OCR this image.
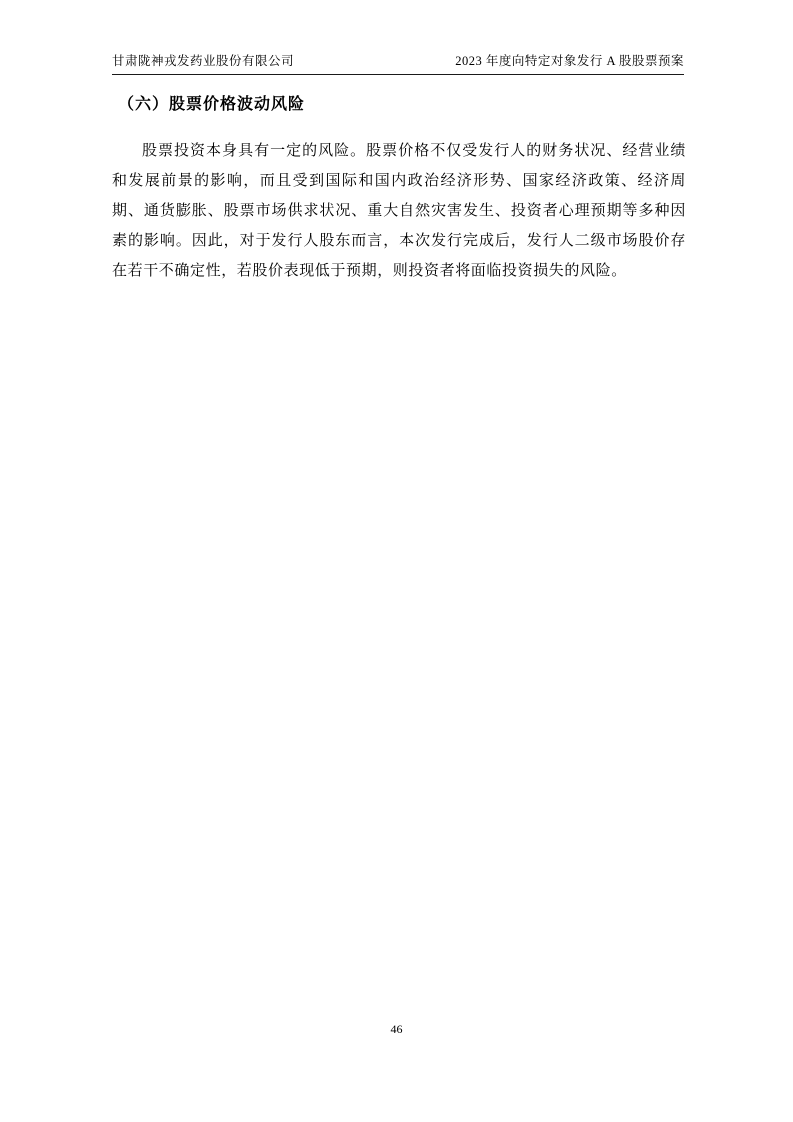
甘肃陇神戎发药业股份有限公司	2023 年度向特定对象发行 A 股股票预案
（六）股票价格波动风险
股票投资本身具有一定的风险。股票价格不仅受发行人的财务状况、经营业绩和发展前景的影响，而且受到国际和国内政治经济形势、国家经济政策、经济周期、通货膨胀、股票市场供求状况、重大自然灾害发生、投资者心理预期等多种因素的影响。因此，对于发行人股东而言，本次发行完成后，发行人二级市场股价存在若干不确定性，若股价表现低于预期，则投资者将面临投资损失的风险。
46
